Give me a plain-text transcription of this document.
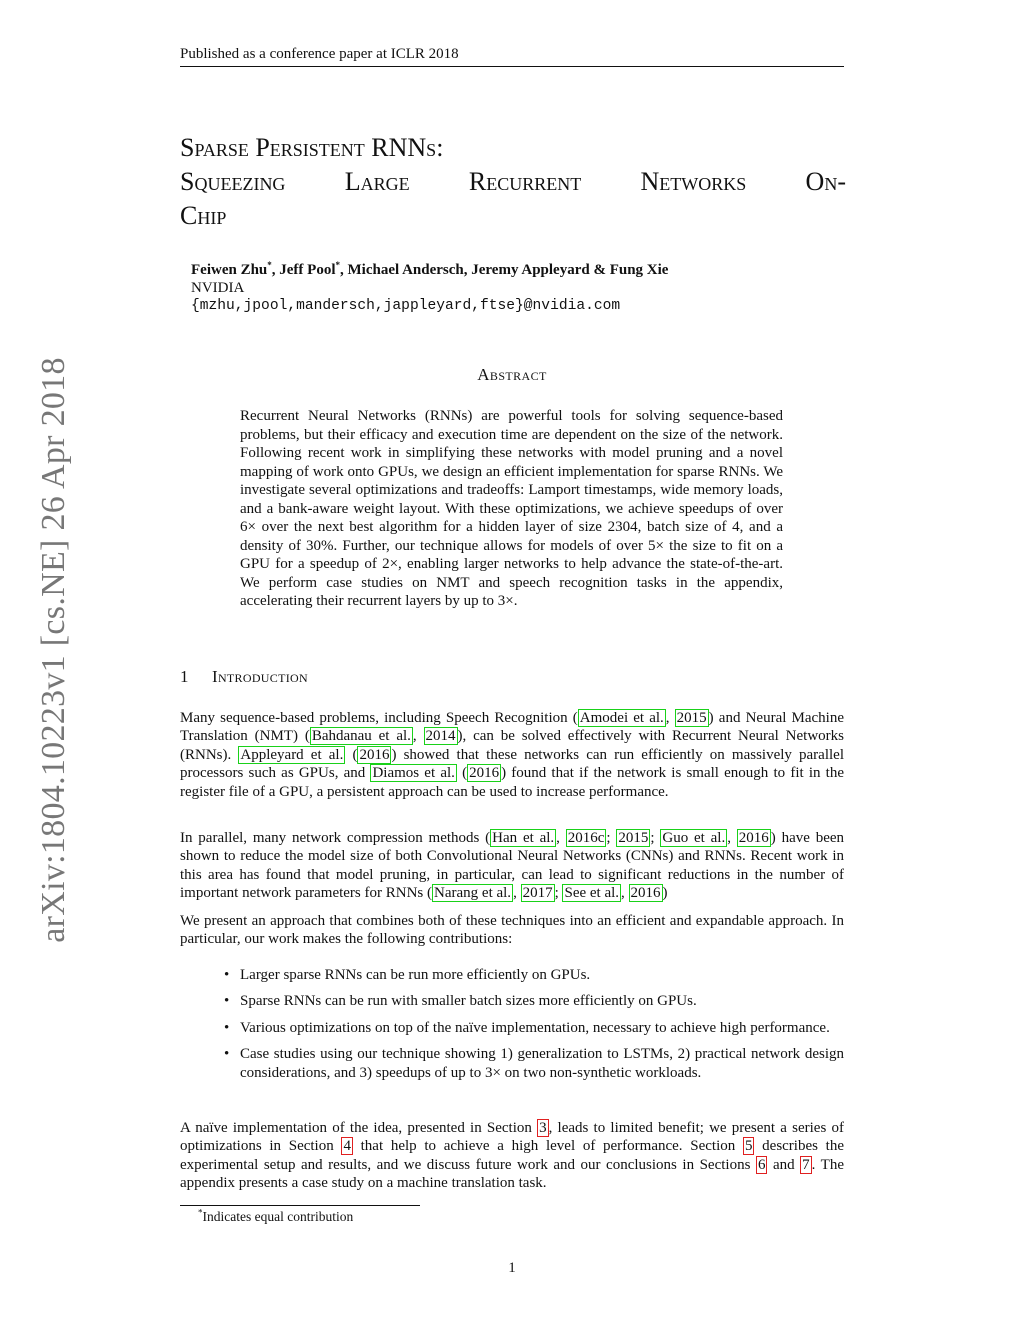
Published as a conference paper at ICLR 2018
arXiv:1804.10223v1 [cs.NE] 26 Apr 2018
Sparse Persistent RNNs:
Squeezing Large Recurrent Networks On-
Chip
Feiwen Zhu*, Jeff Pool*, Michael Andersch, Jeremy Appleyard & Fung Xie
NVIDIA
{mzhu,jpool,mandersch,jappleyard,ftse}@nvidia.com
Abstract
Recurrent Neural Networks (RNNs) are powerful tools for solving sequence-based problems, but their efficacy and execution time are dependent on the size of the network. Following recent work in simplifying these networks with model pruning and a novel mapping of work onto GPUs, we design an efficient implementation for sparse RNNs. We investigate several optimizations and tradeoffs: Lamport timestamps, wide memory loads, and a bank-aware weight layout. With these optimizations, we achieve speedups of over 6× over the next best algorithm for a hidden layer of size 2304, batch size of 4, and a density of 30%. Further, our technique allows for models of over 5× the size to fit on a GPU for a speedup of 2×, enabling larger networks to help advance the state-of-the-art. We perform case studies on NMT and speech recognition tasks in the appendix, accelerating their recurrent layers by up to 3×.
1 Introduction
Many sequence-based problems, including Speech Recognition ( Amodei et al. , 2015 ) and Neural Machine Translation (NMT) ( Bahdanau et al. , 2014 ), can be solved effectively with Recurrent Neural Networks (RNNs). Appleyard et al. ( 2016 ) showed that these networks can run efficiently on massively parallel processors such as GPUs, and Diamos et al. ( 2016 ) found that if the network is small enough to fit in the register file of a GPU, a persistent approach can be used to increase performance.
In parallel, many network compression methods ( Han et al. , 2016c ; 2015 ; Guo et al. , 2016 ) have been shown to reduce the model size of both Convolutional Neural Networks (CNNs) and RNNs. Recent work in this area has found that model pruning, in particular, can lead to significant reductions in the number of important network parameters for RNNs ( Narang et al. , 2017 ; See et al. , 2016 )
We present an approach that combines both of these techniques into an efficient and expandable approach. In particular, our work makes the following contributions:
• Larger sparse RNNs can be run more efficiently on GPUs.
• Sparse RNNs can be run with smaller batch sizes more efficiently on GPUs.
• Various optimizations on top of the naïve implementation, necessary to achieve high performance.
• Case studies using our technique showing 1) generalization to LSTMs, 2) practical network design considerations, and 3) speedups of up to 3× on two non-synthetic workloads.
A naïve implementation of the idea, presented in Section 3 , leads to limited benefit; we present a series of optimizations in Section 4 that help to achieve a high level of performance. Section 5 describes the experimental setup and results, and we discuss future work and our conclusions in Sections 6 and 7 . The appendix presents a case study on a machine translation task.
*Indicates equal contribution
1
